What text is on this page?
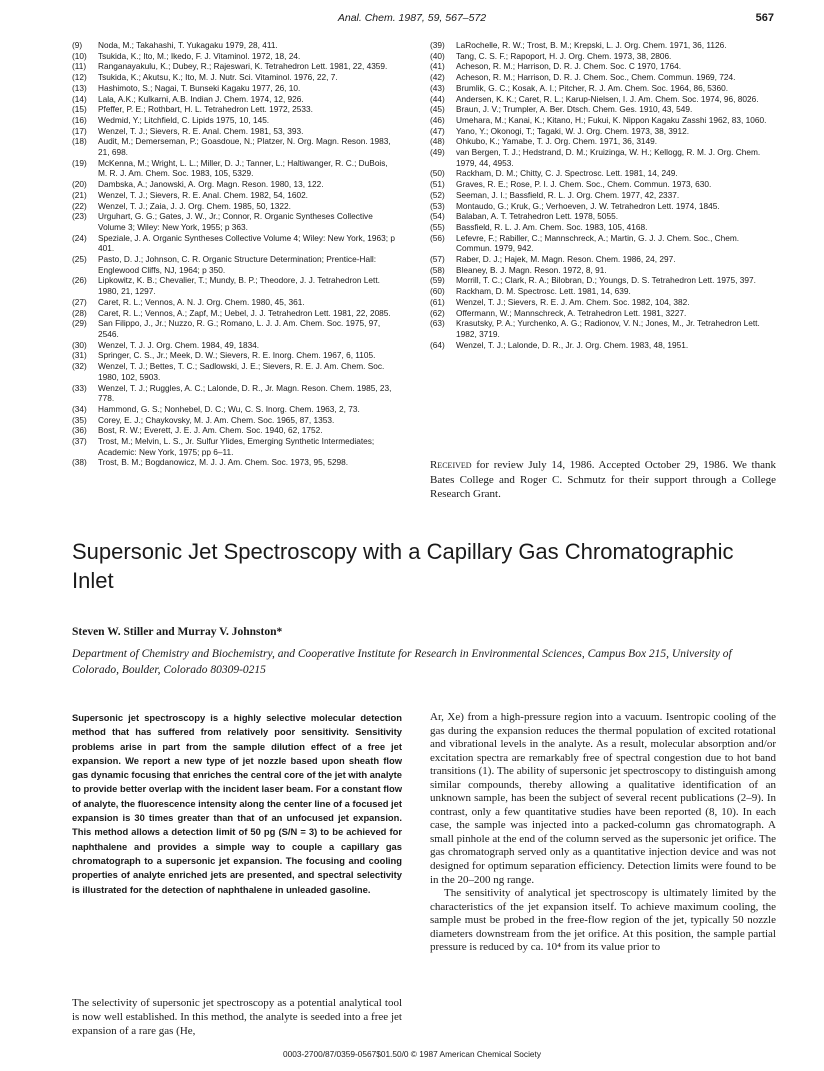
Anal. Chem. 1987, 59, 567–572	567
(9)	Noda, M.; Takahashi, T. Yukagaku 1979, 28, 411.
(10)	Tsukida, K.; Ito, M.; Ikedo, F. J. Vitaminol. 1972, 18, 24.
(11)	Ranganayakulu, K.; Dubey, R.; Rajeswari, K. Tetrahedron Lett. 1981, 22, 4359.
(12)	Tsukida, K.; Akutsu, K.; Ito, M. J. Nutr. Sci. Vitaminol. 1976, 22, 7.
(13)	Hashimoto, S.; Nagai, T. Bunseki Kagaku 1977, 26, 10.
(14)	Lala, A.K.; Kulkarni, A.B. Indian J. Chem. 1974, 12, 926.
(15)	Pfeffer, P. E.; Rothbart, H. L. Tetrahedron Lett. 1972, 2533.
(16)	Wedmid, Y.; Litchfield, C. Lipids 1975, 10, 145.
(17)	Wenzel, T. J.; Sievers, R. E. Anal. Chem. 1981, 53, 393.
(18)	Audit, M.; Demerseman, P.; Goasdoue, N.; Platzer, N. Org. Magn. Reson. 1983, 21, 698.
(19)	McKenna, M.; Wright, L. L.; Miller, D. J.; Tanner, L.; Haltiwanger, R. C.; DuBois, M. R. J. Am. Chem. Soc. 1983, 105, 5329.
(20)	Dambska, A.; Janowski, A. Org. Magn. Reson. 1980, 13, 122.
(21)	Wenzel, T. J.; Sievers, R. E. Anal. Chem. 1982, 54, 1602.
(22)	Wenzel, T. J.; Zaia, J. J. Org. Chem. 1985, 50, 1322.
(23)	Urguhart, G. G.; Gates, J. W., Jr.; Connor, R. Organic Syntheses Collective Volume 3; Wiley: New York, 1955; p 363.
(24)	Speziale, J. A. Organic Syntheses Collective Volume 4; Wiley: New York, 1963; p 401.
(25)	Pasto, D. J.; Johnson, C. R. Organic Structure Determination; Prentice-Hall: Englewood Cliffs, NJ, 1964; p 350.
(26)	Lipkowitz, K. B.; Chevalier, T.; Mundy, B. P.; Theodore, J. J. Tetrahedron Lett. 1980, 21, 1297.
(27)	Caret, R. L.; Vennos, A. N. J. Org. Chem. 1980, 45, 361.
(28)	Caret, R. L.; Vennos, A.; Zapf, M.; Uebel, J. J. Tetrahedron Lett. 1981, 22, 2085.
(29)	San Filippo, J., Jr.; Nuzzo, R. G.; Romano, L. J. J. Am. Chem. Soc. 1975, 97, 2546.
(30)	Wenzel, T. J. J. Org. Chem. 1984, 49, 1834.
(31)	Springer, C. S., Jr.; Meek, D. W.; Sievers, R. E. Inorg. Chem. 1967, 6, 1105.
(32)	Wenzel, T. J.; Bettes, T. C.; Sadlowski, J. E.; Sievers, R. E. J. Am. Chem. Soc. 1980, 102, 5903.
(33)	Wenzel, T. J.; Ruggles, A. C.; Lalonde, D. R., Jr. Magn. Reson. Chem. 1985, 23, 778.
(34)	Hammond, G. S.; Nonhebel, D. C.; Wu, C. S. Inorg. Chem. 1963, 2, 73.
(35)	Corey, E. J.; Chaykovsky, M. J. Am. Chem. Soc. 1965, 87, 1353.
(36)	Bost, R. W.; Everett, J. E. J. Am. Chem. Soc. 1940, 62, 1752.
(37)	Trost, M.; Melvin, L. S., Jr. Sulfur Ylides, Emerging Synthetic Intermediates; Academic: New York, 1975; pp 6–11.
(38)	Trost, B. M.; Bogdanowicz, M. J. J. Am. Chem. Soc. 1973, 95, 5298.
(39)	LaRochelle, R. W.; Trost, B. M.; Krepski, L. J. Org. Chem. 1971, 36, 1126.
(40)	Tang, C. S. F.; Rapoport, H. J. Org. Chem. 1973, 38, 2806.
(41)	Acheson, R. M.; Harrison, D. R. J. Chem. Soc. C 1970, 1764.
(42)	Acheson, R. M.; Harrison, D. R. J. Chem. Soc., Chem. Commun. 1969, 724.
(43)	Brumlik, G. C.; Kosak, A. I.; Pitcher, R. J. Am. Chem. Soc. 1964, 86, 5360.
(44)	Andersen, K. K.; Caret, R. L.; Karup-Nielsen, I. J. Am. Chem. Soc. 1974, 96, 8026.
(45)	Braun, J. V.; Trumpler, A. Ber. Dtsch. Chem. Ges. 1910, 43, 549.
(46)	Umehara, M.; Kanai, K.; Kitano, H.; Fukui, K. Nippon Kagaku Zasshi 1962, 83, 1060.
(47)	Yano, Y.; Okonogi, T.; Tagaki, W. J. Org. Chem. 1973, 38, 3912.
(48)	Ohkubo, K.; Yamabe, T. J. Org. Chem. 1971, 36, 3149.
(49)	van Bergen, T. J.; Hedstrand, D. M.; Kruizinga, W. H.; Kellogg, R. M. J. Org. Chem. 1979, 44, 4953.
(50)	Rackham, D. M.; Chitty, C. J. Spectrosc. Lett. 1981, 14, 249.
(51)	Graves, R. E.; Rose, P. I. J. Chem. Soc., Chem. Commun. 1973, 630.
(52)	Seeman, J. I.; Bassfield, R. L. J. Org. Chem. 1977, 42, 2337.
(53)	Montaudo, G.; Kruk, G.; Verhoeven, J. W. Tetrahedron Lett. 1974, 1845.
(54)	Balaban, A. T. Tetrahedron Lett. 1978, 5055.
(55)	Bassfield, R. L. J. Am. Chem. Soc. 1983, 105, 4168.
(56)	Lefevre, F.; Rabiller, C.; Mannschreck, A.; Martin, G. J. J. Chem. Soc., Chem. Commun. 1979, 942.
(57)	Raber, D. J.; Hajek, M. Magn. Reson. Chem. 1986, 24, 297.
(58)	Bleaney, B. J. Magn. Reson. 1972, 8, 91.
(59)	Morrill, T. C.; Clark, R. A.; Bilobran, D.; Youngs, D. S. Tetrahedron Lett. 1975, 397.
(60)	Rackham, D. M. Spectrosc. Lett. 1981, 14, 639.
(61)	Wenzel, T. J.; Sievers, R. E. J. Am. Chem. Soc. 1982, 104, 382.
(62)	Offermann, W.; Mannschreck, A. Tetrahedron Lett. 1981, 3227.
(63)	Krasutsky, P. A.; Yurchenko, A. G.; Radionov, V. N.; Jones, M., Jr. Tetrahedron Lett. 1982, 3719.
(64)	Wenzel, T. J.; Lalonde, D. R., Jr. J. Org. Chem. 1983, 48, 1951.
Received for review July 14, 1986. Accepted October 29, 1986. We thank Bates College and Roger C. Schmutz for their support through a College Research Grant.
Supersonic Jet Spectroscopy with a Capillary Gas Chromatographic Inlet
Steven W. Stiller and Murray V. Johnston*
Department of Chemistry and Biochemistry, and Cooperative Institute for Research in Environmental Sciences, Campus Box 215, University of Colorado, Boulder, Colorado 80309-0215
Supersonic jet spectroscopy is a highly selective molecular detection method that has suffered from relatively poor sensitivity. Sensitivity problems arise in part from the sample dilution effect of a free jet expansion. We report a new type of jet nozzle based upon sheath flow gas dynamic focusing that enriches the central core of the jet with analyte to provide better overlap with the incident laser beam. For a constant flow of analyte, the fluorescence intensity along the center line of a focused jet expansion is 30 times greater than that of an unfocused jet expansion. This method allows a detection limit of 50 pg (S/N = 3) to be achieved for naphthalene and provides a simple way to couple a capillary gas chromatograph to a supersonic jet expansion. The focusing and cooling properties of analyte enriched jets are presented, and spectral selectivity is illustrated for the detection of naphthalene in unleaded gasoline.
The selectivity of supersonic jet spectroscopy as a potential analytical tool is now well established. In this method, the analyte is seeded into a free jet expansion of a rare gas (He,

Ar, Xe) from a high-pressure region into a vacuum. Isentropic cooling of the gas during the expansion reduces the thermal population of excited rotational and vibrational levels in the analyte. As a result, molecular absorption and/or excitation spectra are remarkably free of spectral congestion due to hot band transitions (1). The ability of supersonic jet spectroscopy to distinguish among similar compounds, thereby allowing a qualitative identification of an unknown sample, has been the subject of several recent publications (2–9). In contrast, only a few quantitative studies have been reported (8, 10). In each case, the sample was injected into a packed-column gas chromatograph. A small pinhole at the end of the column served as the supersonic jet orifice. The gas chromatograph served only as a quantitative injection device and was not designed for optimum separation efficiency. Detection limits were found to be in the 20–200 ng range.

The sensitivity of analytical jet spectroscopy is ultimately limited by the characteristics of the jet expansion itself. To achieve maximum cooling, the sample must be probed in the free-flow region of the jet, typically 50 nozzle diameters downstream from the jet orifice. At this position, the sample partial pressure is reduced by ca. 10⁴ from its value prior to

0003-2700/87/0359-0567$01.50/0 © 1987 American Chemical Society
